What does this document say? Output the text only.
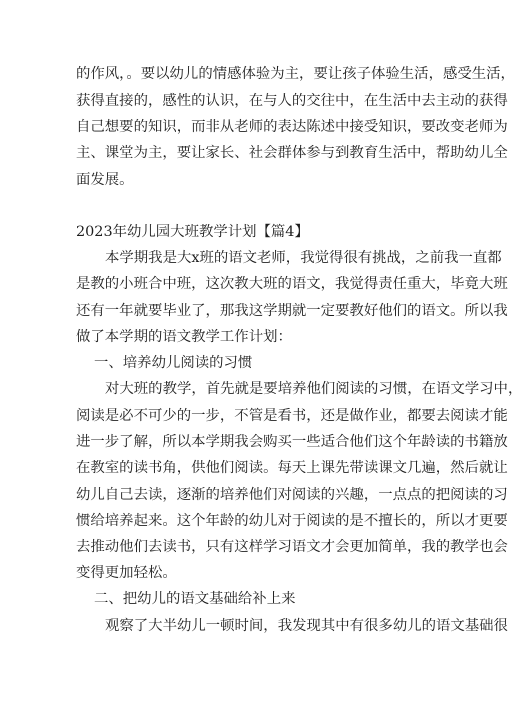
的作风，。要以幼儿的情感体验为主，要让孩子体验生活，感受生活，
获得直接的，感性的认识，在与人的交往中，在生活中去主动的获得
自己想要的知识，而非从老师的表达陈述中接受知识，要改变老师为
主、课堂为主，要让家长、社会群体参与到教育生活中，帮助幼儿全
面发展。
2023年幼儿园大班教学计划【篇4】
本学期我是大x班的语文老师，我觉得很有挑战，之前我一直都
是教的小班合中班，这次教大班的语文，我觉得责任重大，毕竟大班
还有一年就要毕业了，那我这学期就一定要教好他们的语文。所以我
做了本学期的语文教学工作计划：
一、培养幼儿阅读的习惯
对大班的教学，首先就是要培养他们阅读的习惯，在语文学习中，
阅读是必不可少的一步，不管是看书，还是做作业，都要去阅读才能
进一步了解，所以本学期我会购买一些适合他们这个年龄读的书籍放
在教室的读书角，供他们阅读。每天上课先带读课文几遍，然后就让
幼儿自己去读，逐渐的培养他们对阅读的兴趣，一点点的把阅读的习
惯给培养起来。这个年龄的幼儿对于阅读的是不擅长的，所以才更要
去推动他们去读书，只有这样学习语文才会更加简单，我的教学也会
变得更加轻松。
二、把幼儿的语文基础给补上来
观察了大半幼儿一顿时间，我发现其中有很多幼儿的语文基础很
